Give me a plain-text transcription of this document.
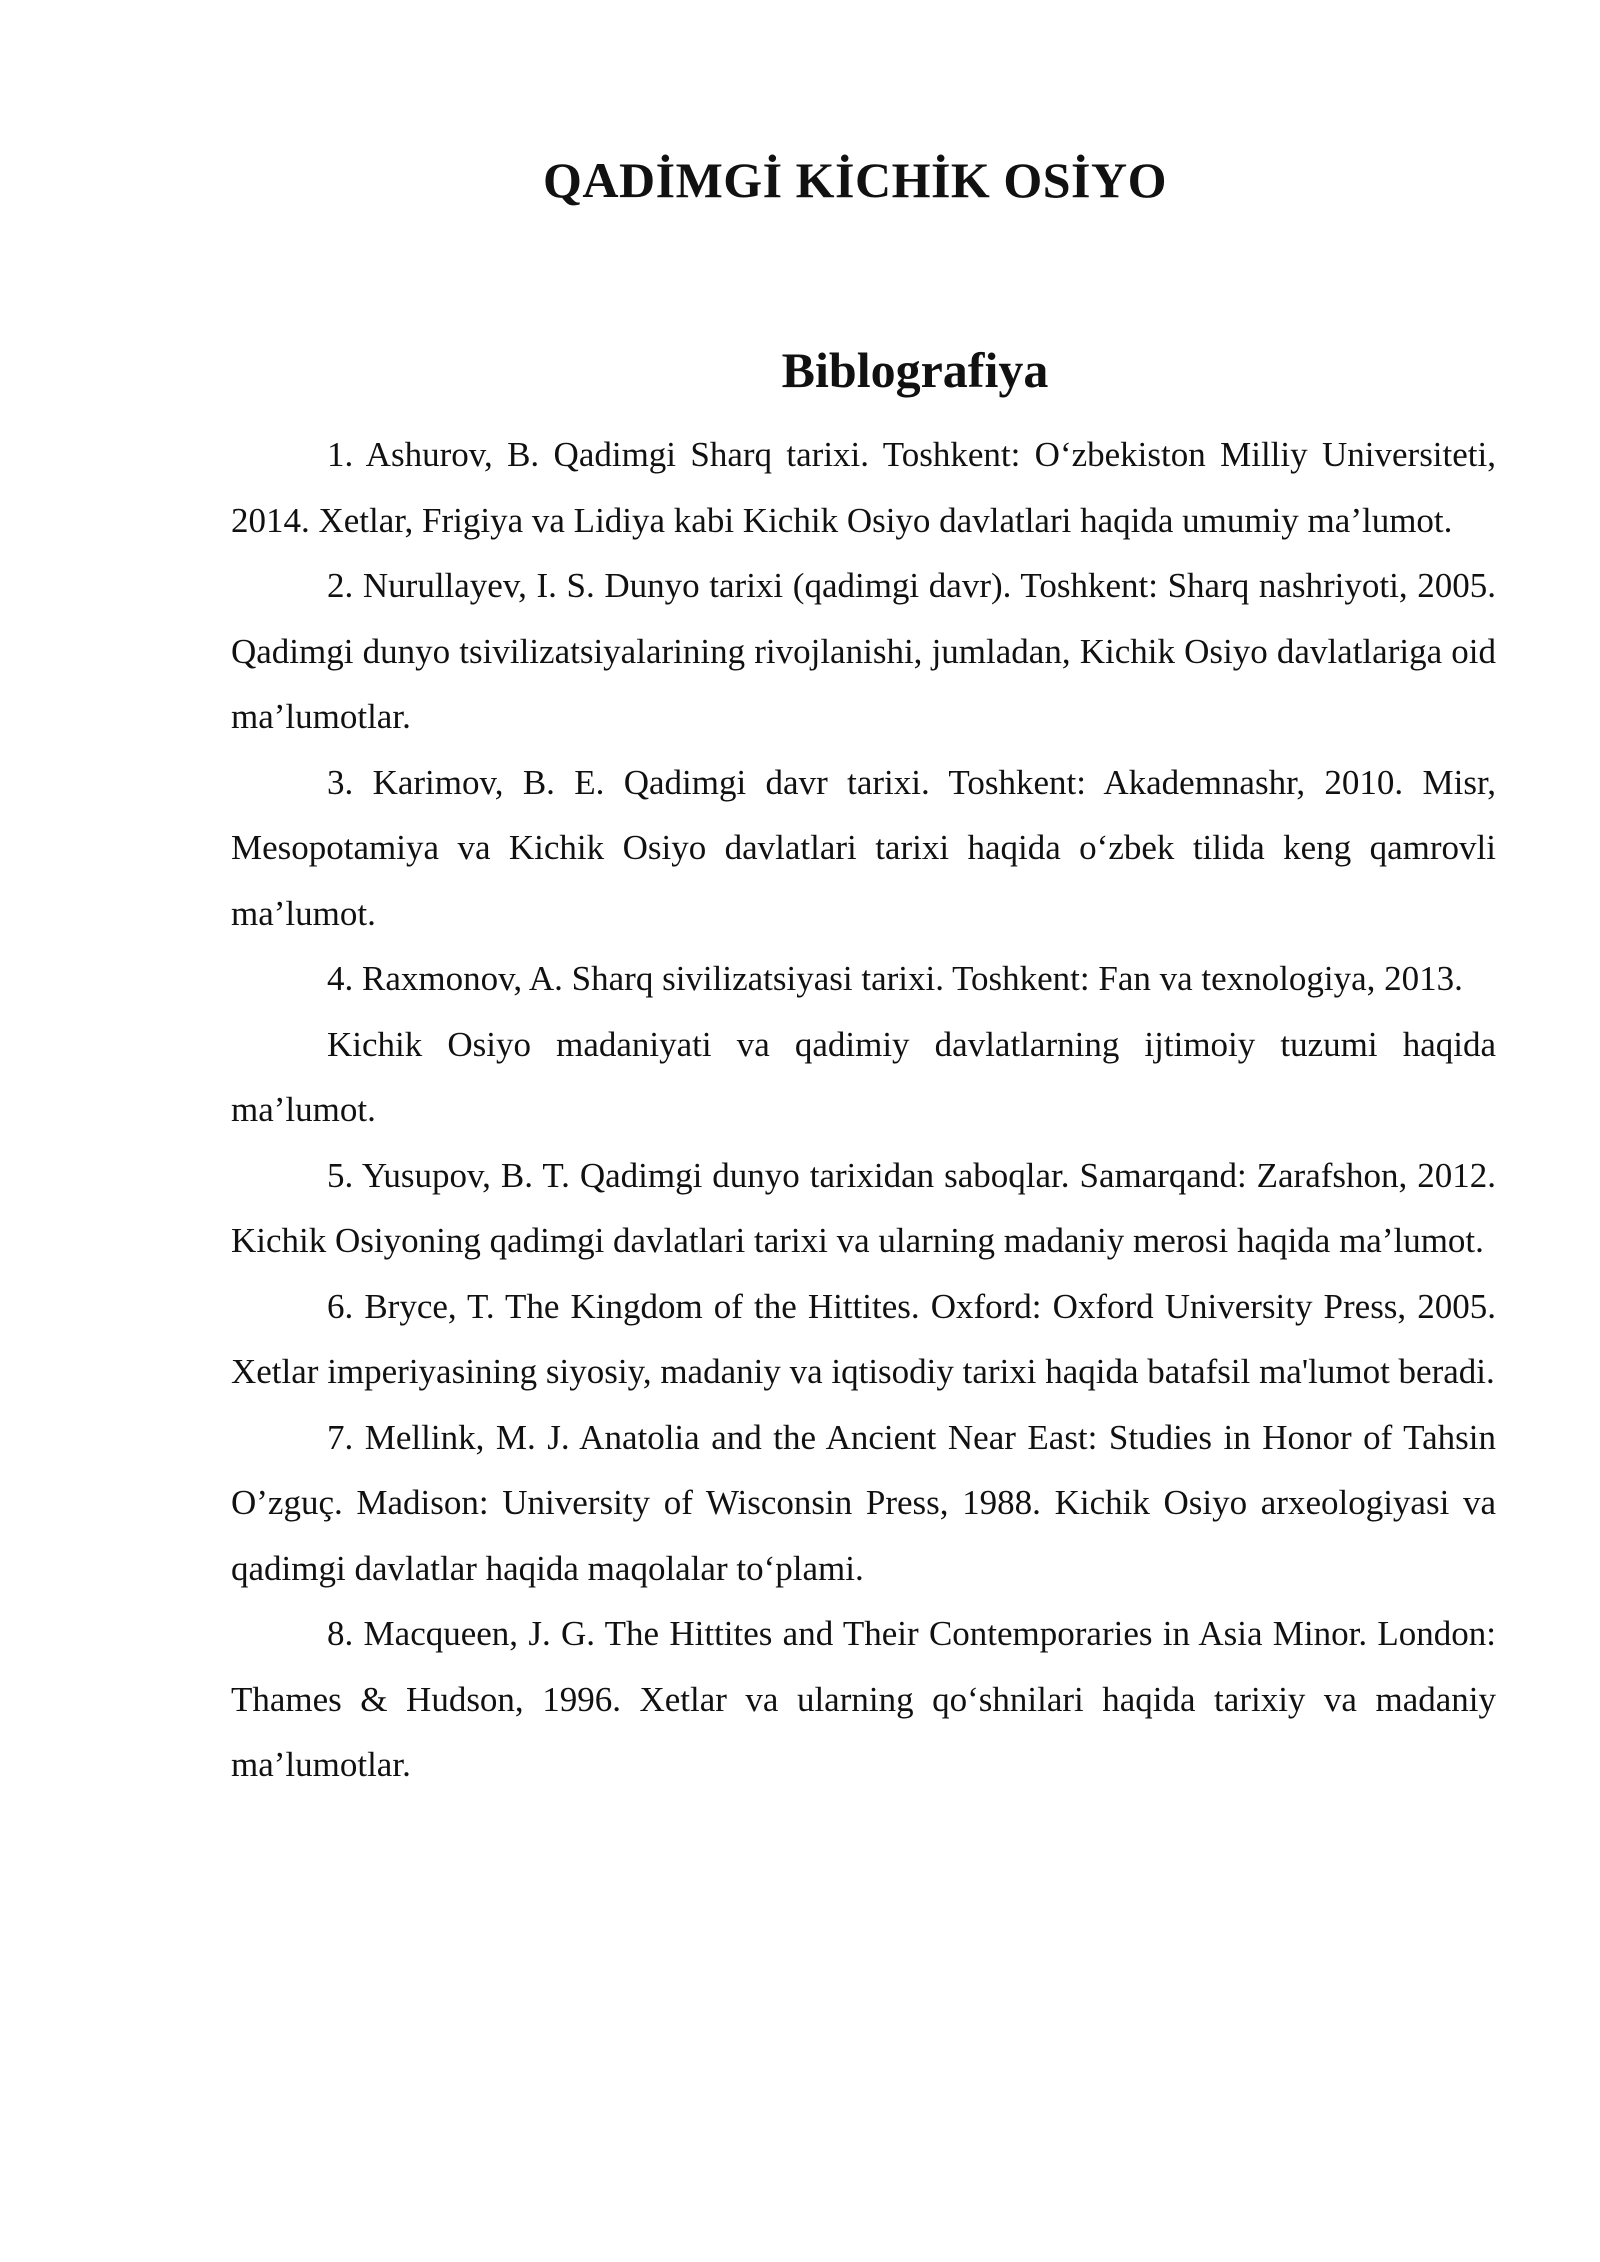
QADİMGİ KİCHİK OSİYO
Biblografiya
1. Ashurov, B. Qadimgi Sharq tarixi. Toshkent: O‘zbekiston Milliy Universiteti, 2014. Xetlar, Frigiya va Lidiya kabi Kichik Osiyo davlatlari haqida umumiy ma’lumot.
2. Nurullayev, I. S. Dunyo tarixi (qadimgi davr). Toshkent: Sharq nashriyoti, 2005. Qadimgi dunyo tsivilizatsiyalarining rivojlanishi, jumladan, Kichik Osiyo davlatlariga oid ma’lumotlar.
3. Karimov, B. E. Qadimgi davr tarixi. Toshkent: Akademnashr, 2010. Misr, Mesopotamiya va Kichik Osiyo davlatlari tarixi haqida o‘zbek tilida keng qamrovli ma’lumot.
4. Raxmonov, A. Sharq sivilizatsiyasi tarixi. Toshkent: Fan va texnologiya, 2013.
Kichik Osiyo madaniyati va qadimiy davlatlarning ijtimoiy tuzumi haqida ma’lumot.
5. Yusupov, B. T. Qadimgi dunyo tarixidan saboqlar. Samarqand: Zarafshon, 2012. Kichik Osiyoning qadimgi davlatlari tarixi va ularning madaniy merosi haqida ma’lumot.
6. Bryce, T. The Kingdom of the Hittites. Oxford: Oxford University Press, 2005. Xetlar imperiyasining siyosiy, madaniy va iqtisodiy tarixi haqida batafsil ma'lumot beradi.
7. Mellink, M. J. Anatolia and the Ancient Near East: Studies in Honor of Tahsin O’zguç. Madison: University of Wisconsin Press, 1988. Kichik Osiyo arxeologiyasi va qadimgi davlatlar haqida maqolalar to‘plami.
8. Macqueen, J. G. The Hittites and Their Contemporaries in Asia Minor. London: Thames & Hudson, 1996. Xetlar va ularning qo‘shnilari haqida tarixiy va madaniy ma’lumotlar.
